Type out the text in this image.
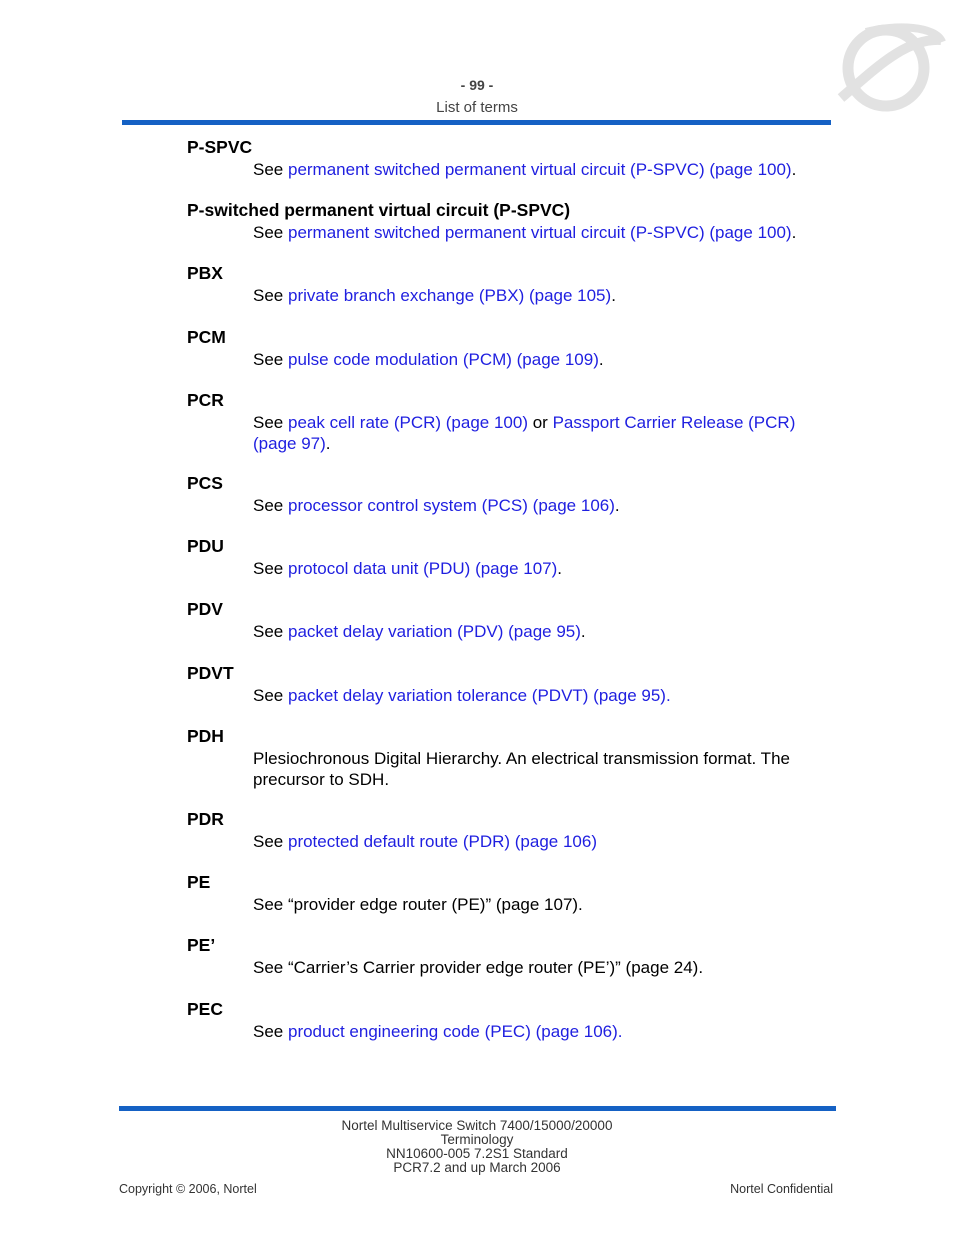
- 99 -
List of terms
P-SPVC
See permanent switched permanent virtual circuit (P-SPVC) (page 100).
P-switched permanent virtual circuit (P-SPVC)
See permanent switched permanent virtual circuit (P-SPVC) (page 100).
PBX
See private branch exchange (PBX) (page 105).
PCM
See pulse code modulation (PCM) (page 109).
PCR
See peak cell rate (PCR) (page 100) or Passport Carrier Release (PCR) (page 97).
PCS
See processor control system (PCS) (page 106).
PDU
See protocol data unit (PDU) (page 107).
PDV
See packet delay variation (PDV) (page 95).
PDVT
See packet delay variation tolerance (PDVT) (page 95).
PDH
Plesiochronous Digital Hierarchy. An electrical transmission format. The precursor to SDH.
PDR
See protected default route (PDR) (page 106)
PE
See “provider edge router (PE)” (page 107).
PE’
See “Carrier’s Carrier provider edge router (PE’)” (page 24).
PEC
See product engineering code (PEC) (page 106).
Nortel Multiservice Switch 7400/15000/20000
Terminology
NN10600-005 7.2S1 Standard
PCR7.2 and up March 2006
Copyright © 2006, Nortel	Nortel Confidential
